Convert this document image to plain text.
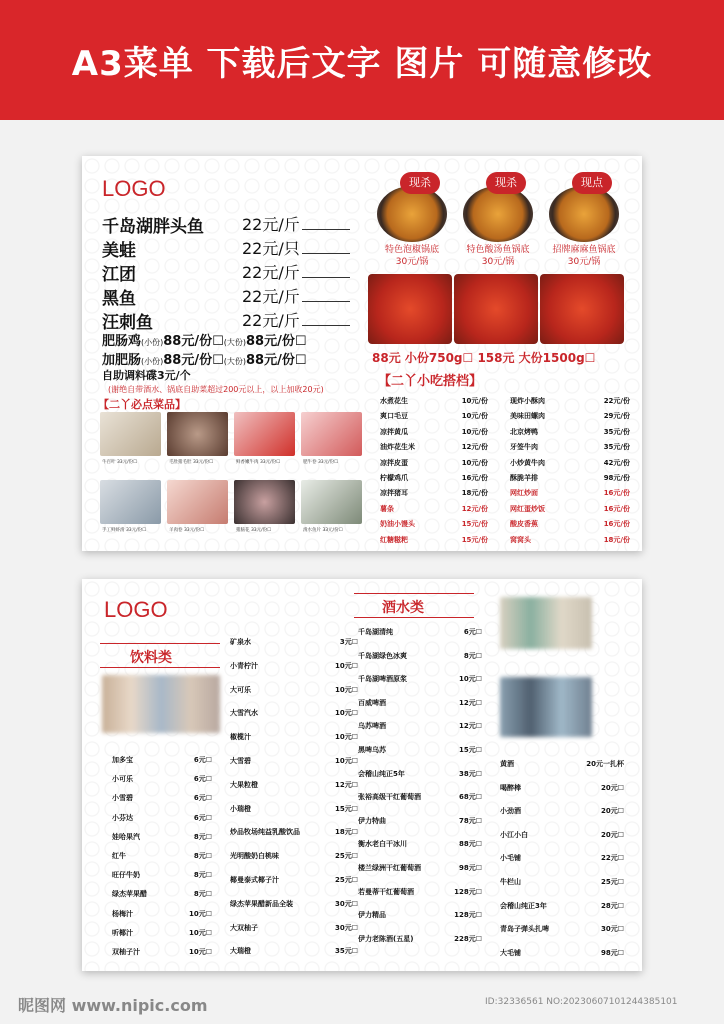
A3菜单 下载后文字 图片 可随意修改
LOGO
千岛湖胖头鱼 22元/斤
美蛙	22元/只
江团	22元/斤
黑鱼	22元/斤
汪刺鱼	22元/斤
肥肠鸡(小份)88元/份☐(大份)88元/份☐
加肥肠(小份)88元/份☐(大份)88元/份☐
自助调料碟3元/个
(谢绝自带酒水、锅底自助菜超过200元以上，以上加收20元)
【二丫必点菜品】
牛百叶 33元/份☐	毛肚猪毛肚 33元/份☐	鲜香嫩牛肉 33元/份☐	肥牛卷 33元/份☐
手工鲜虾滑 33元/份☐	羊肉卷 33元/份☐	猪脑花 33元/份☐	滑水鱼片 33元/份☐
现杀	现杀	现点
特色泡椒锅底
30元/锅
特色酸汤鱼锅底
30元/锅
招牌麻麻鱼锅底
30元/锅
88元 小份750g☐ 158元 大份1500g☐
【二丫小吃搭档】
水煮花生	10元/份
爽口毛豆	10元/份
凉拌黄瓜	10元/份
油炸花生米	12元/份
凉拌皮蛋	10元/份
柠檬鸡爪	16元/份
凉拌猪耳	18元/份
薯条	12元/份
奶油小馒头	15元/份
红糖糍粑	15元/份
现炸小酥肉	22元/份
美味田螺肉	29元/份
北京烤鸭	35元/份
牙签牛肉	35元/份
小炒黄牛肉	42元/份
酥脆羊排	98元/份
网红炒面	16元/份
网红蛋炒饭	16元/份
酸皮香蕉	16元/份
窝窝头	18元/份
LOGO
饮料类
酒水类
加多宝	6元☐
小可乐	6元☐
小雪碧	6元☐
小芬达	6元☐
娃哈果汽	8元☐
红牛	8元☐
旺仔牛奶	8元☐
绿杰苹果醋	8元☐
杨梅汁	10元☐
听椰汁	10元☐
双柚子汁	10元☐
矿泉水	3元☐
小青柠汁	10元☐
大可乐	10元☐
大雪汽水	10元☐
椒榄汁	10元☐
大雪碧	10元☐
大果粒橙	12元☐
小瑞橙	15元☐
炒品牧场纯益乳酸饮品	18元☐
光明酸奶白桃味	25元☐
椰曼泰式椰子汁	25元☐
绿杰苹果醋新品全装	30元☐
大双柚子	30元☐
大瑞橙	35元☐
千岛湖清纯	6元☐
千岛湖绿色冰爽	8元☐
千岛湖啤酒原浆	10元☐
百威啤酒	12元☐
乌苏啤酒	12元☐
黑啤乌苏	15元☐
会稽山纯正5年	38元☐
张裕高级干红葡萄酒	68元☐
伊力特曲	78元☐
衡水老白干冰川	88元☐
楼兰绿洲干红葡萄酒	98元☐
若曼蒂干红葡萄酒	128元☐
伊力精品	128元☐
伊力老陈酒(五星)	228元☐
黄酒	20元一扎杯
喝醉棒	20元☐
小劲酒	20元☐
小江小白	20元☐
小毛铺	22元☐
牛栏山	25元☐
会稽山纯正3年	28元☐
青岛子弹头扎啤	30元☐
大毛铺	98元☐
昵图网 www.nipic.com	ID:32336561 NO:20230607101244385101
